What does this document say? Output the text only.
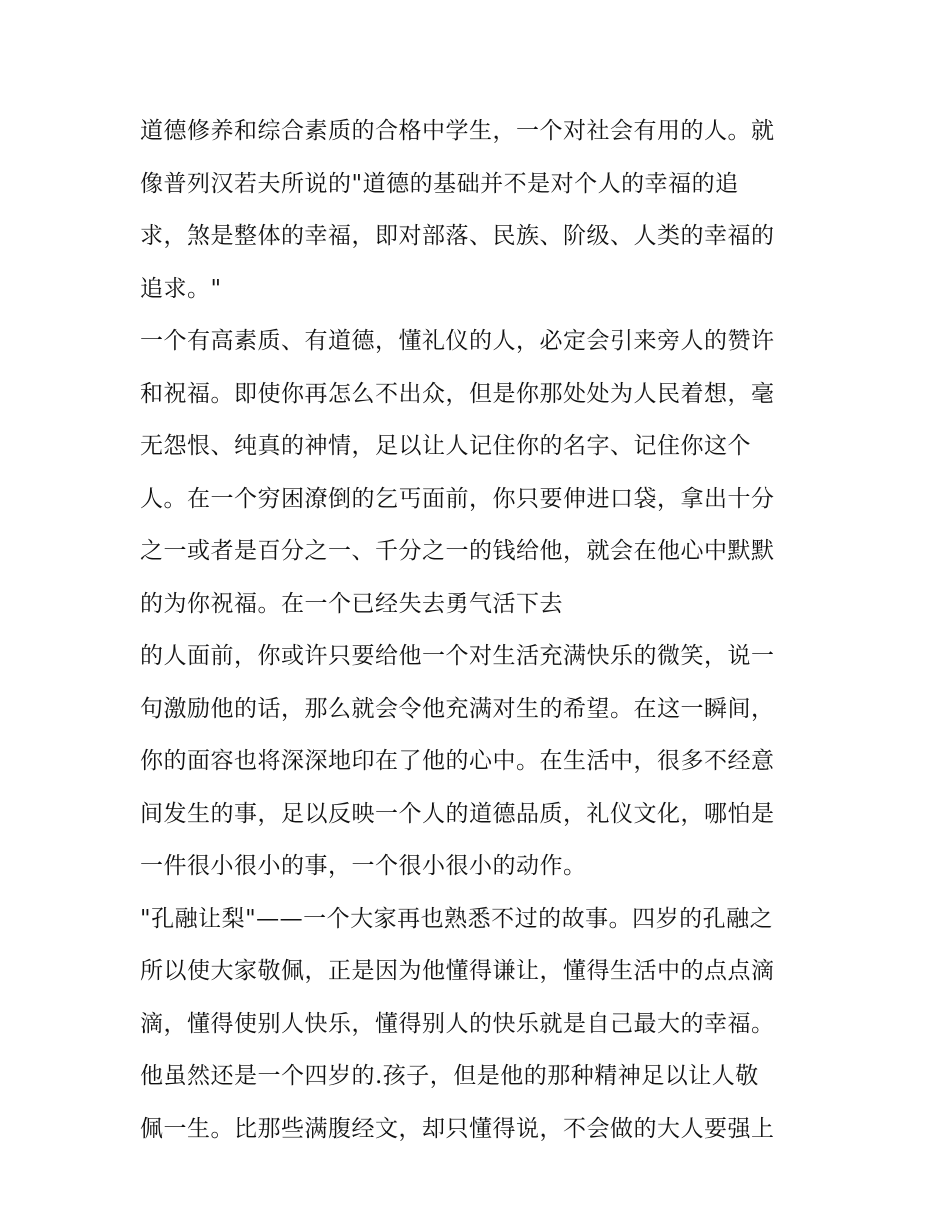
道德修养和综合素质的合格中学生，一个对社会有用的人。就
像普列汉若夫所说的"道德的基础并不是对个人的幸福的追
求，煞是整体的幸福，即对部落、民族、阶级、人类的幸福的
追求。"
一个有高素质、有道德，懂礼仪的人，必定会引来旁人的赞许
和祝福。即使你再怎么不出众，但是你那处处为人民着想，毫
无怨恨、纯真的神情，足以让人记住你的名字、记住你这个
人。在一个穷困潦倒的乞丐面前，你只要伸进口袋，拿出十分
之一或者是百分之一、千分之一的钱给他，就会在他心中默默
的为你祝福。在一个已经失去勇气活下去
的人面前，你或许只要给他一个对生活充满快乐的微笑，说一
句激励他的话，那么就会令他充满对生的希望。在这一瞬间，
你的面容也将深深地印在了他的心中。在生活中，很多不经意
间发生的事，足以反映一个人的道德品质，礼仪文化，哪怕是
一件很小很小的事，一个很小很小的动作。
"孔融让梨"——一个大家再也熟悉不过的故事。四岁的孔融之
所以使大家敬佩，正是因为他懂得谦让，懂得生活中的点点滴
滴，懂得使别人快乐，懂得别人的快乐就是自己最大的幸福。
他虽然还是一个四岁的.孩子，但是他的那种精神足以让人敬
佩一生。比那些满腹经文，却只懂得说，不会做的大人要强上
